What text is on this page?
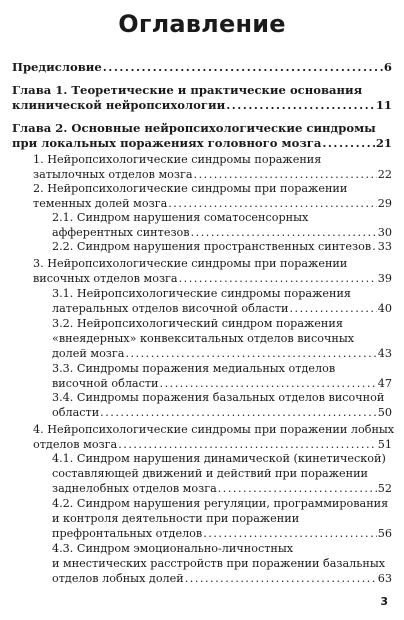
Оглавление
Предисловие .....	6
Глава 1. Теоретические и практические основания
клинической нейропсихологии .....	11
Глава 2. Основные нейропсихологические синдромы
при локальных поражениях головного мозга .....	21
1. Нейропсихологические синдромы поражения
затылочных отделов мозга .....	22
2. Нейропсихологические синдромы при поражении
теменных долей мозга .....	29
2.1. Синдром нарушения соматосенсорных
афферентных синтезов .....	30
2.2. Синдром нарушения пространственных синтезов ..... 33
3. Нейропсихологические синдромы при поражении
височных отделов мозга .....	39
3.1. Нейропсихологические синдромы поражения
латеральных отделов височной области .....	40
3.2. Нейропсихологический синдром поражения
«внеядерных» конвекситальных отделов височных
долей мозга .....	43
3.3. Синдромы поражения медиальных отделов
височной области .....	47
3.4. Синдромы поражения базальных отделов височной
области .....	50
4. Нейропсихологические синдромы при поражении лобных
отделов мозга .....	51
4.1. Синдром нарушения динамической (кинетической)
составляющей движений и действий при поражении
заднелобных отделов мозга .....	52
4.2. Синдром нарушения регуляции, программирования
и контроля деятельности при поражении
префронтальных отделов .....	56
4.3. Синдром эмоционально-личностных
и мнестических расстройств при поражении базальных
отделов лобных долей .....	63
3
